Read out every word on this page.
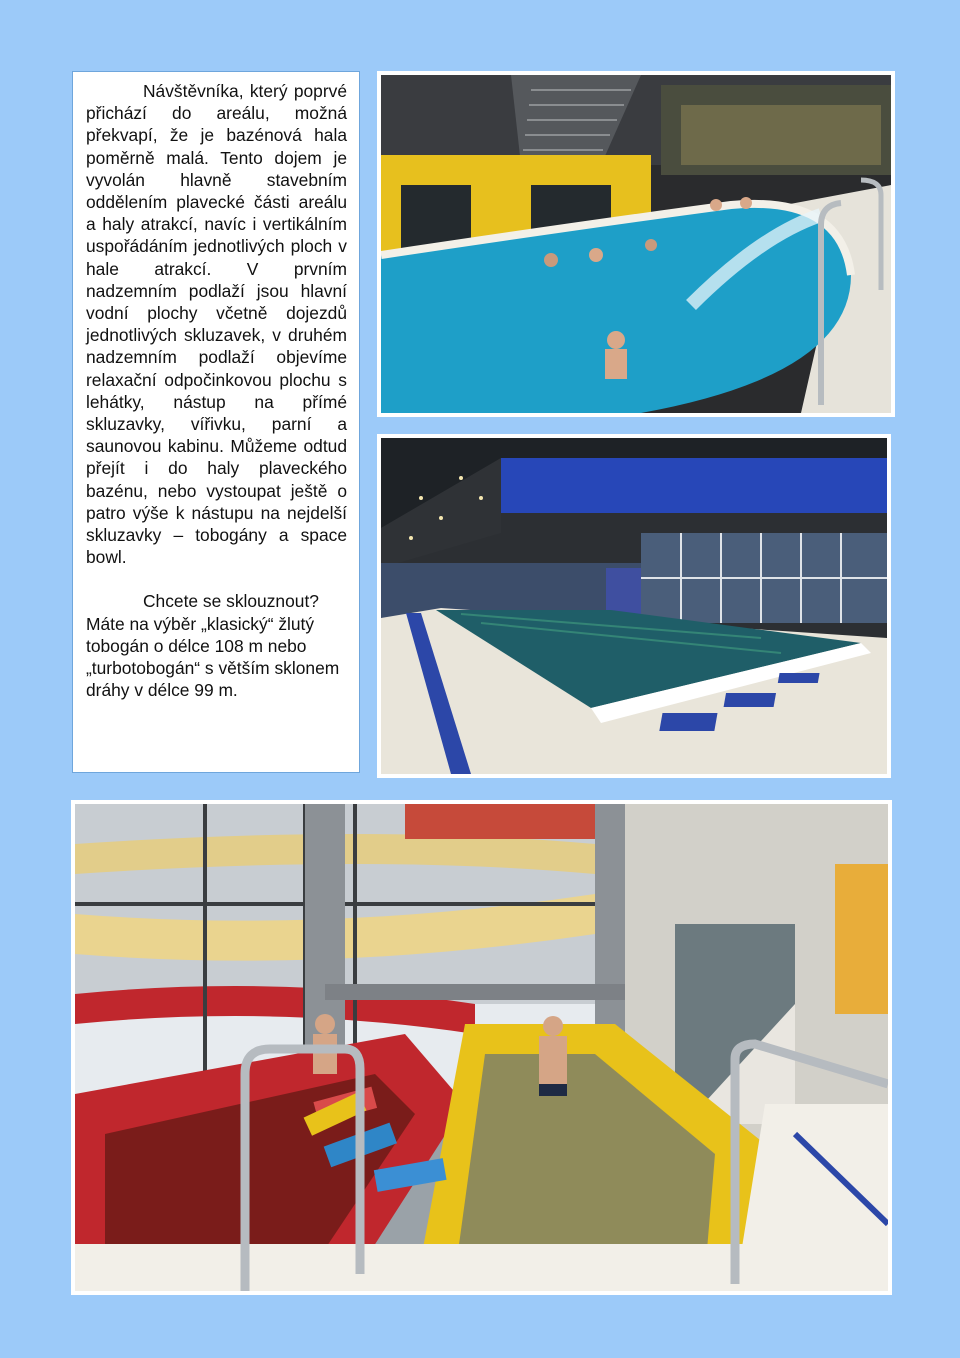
Návštěvníka, který poprvé přichází do areálu, možná překvapí, že je bazénová hala poměrně malá. Tento dojem je vyvolán hlavně stavebním oddělením plavecké části areálu a haly atrakcí, navíc i vertikálním uspořádáním jednotlivých ploch v hale atrakcí. V prvním nadzemním podlaží jsou hlavní vodní plochy včetně dojezdů jednotlivých skluzavek, v druhém nadzemním podlaží objevíme relaxační odpočinkovou plochu s lehátky, nástup na přímé skluzavky, vířivku, parní a saunovou kabinu. Můžeme odtud přejít i do haly plaveckého bazénu, nebo vystoupat ještě o patro výše k nástupu na nejdelší skluzavky – tobogány a space bowl.

Chcete se sklouznout? Máte na výběr „klasický“ žlutý tobogán o délce 108 m nebo „turbotobogán“ s větším sklonem dráhy v délce 99 m.
